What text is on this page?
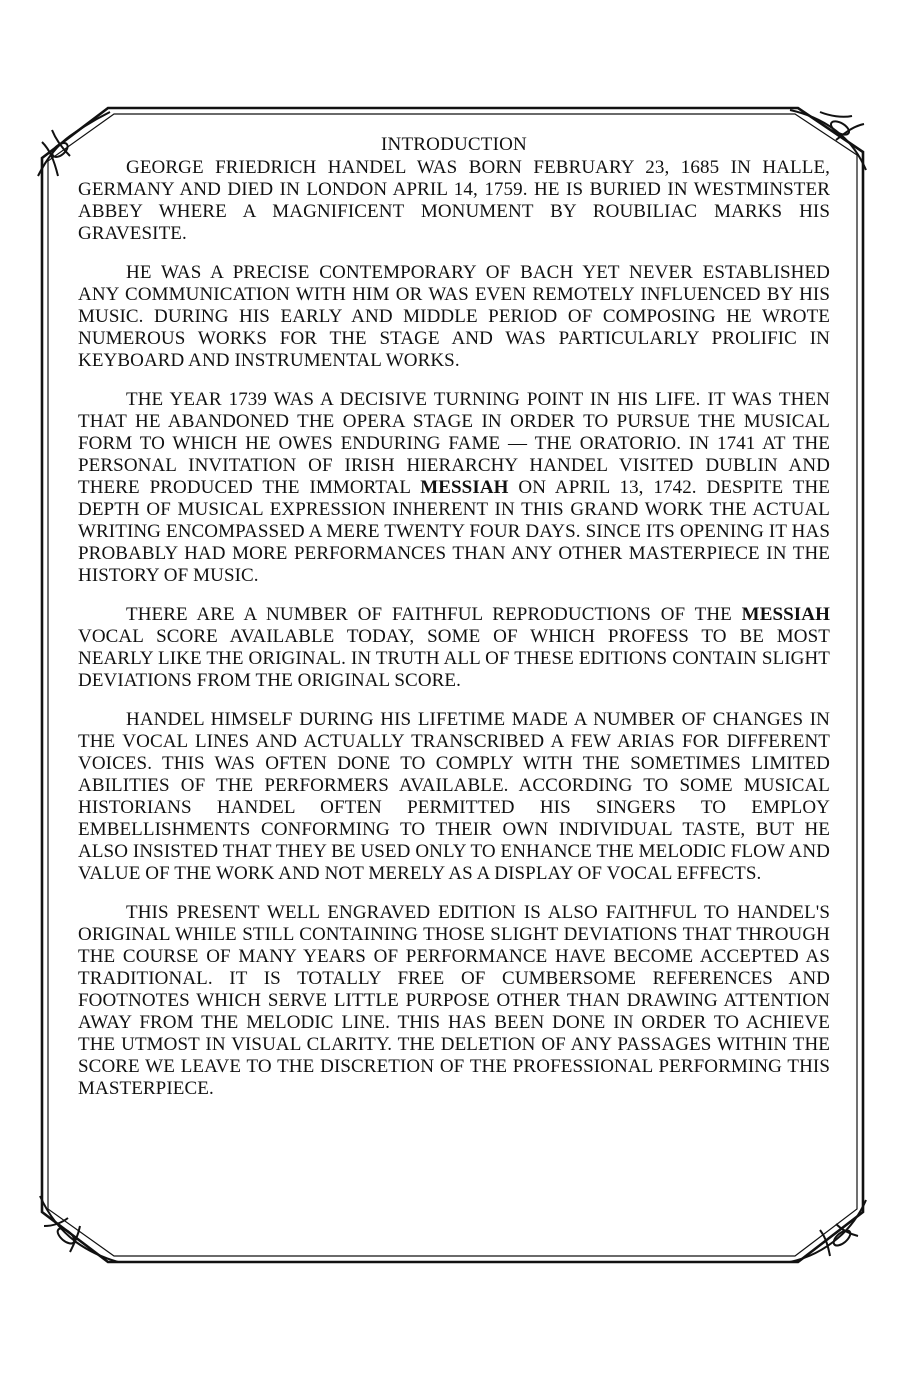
INTRODUCTION

GEORGE FRIEDRICH HANDEL WAS BORN FEBRUARY 23, 1685 IN HALLE, GERMANY AND DIED IN LONDON APRIL 14, 1759. HE IS BURIED IN WESTMINSTER ABBEY WHERE A MAGNIFICENT MONUMENT BY ROUBILIAC MARKS HIS GRAVESITE.

HE WAS A PRECISE CONTEMPORARY OF BACH YET NEVER ESTABLISHED ANY COMMUNICATION WITH HIM OR WAS EVEN REMOTELY INFLUENCED BY HIS MUSIC. DURING HIS EARLY AND MIDDLE PERIOD OF COMPOSING HE WROTE NUMEROUS WORKS FOR THE STAGE AND WAS PARTICULARLY PROLIFIC IN KEYBOARD AND INSTRUMENTAL WORKS.

THE YEAR 1739 WAS A DECISIVE TURNING POINT IN HIS LIFE. IT WAS THEN THAT HE ABANDONED THE OPERA STAGE IN ORDER TO PURSUE THE MUSICAL FORM TO WHICH HE OWES ENDURING FAME — THE ORATORIO. IN 1741 AT THE PERSONAL INVITATION OF IRISH HIERARCHY HANDEL VISITED DUBLIN AND THERE PRODUCED THE IMMORTAL MESSIAH ON APRIL 13, 1742. DESPITE THE DEPTH OF MUSICAL EXPRESSION INHERENT IN THIS GRAND WORK THE ACTUAL WRITING ENCOMPASSED A MERE TWENTY FOUR DAYS. SINCE ITS OPENING IT HAS PROBABLY HAD MORE PERFORMANCES THAN ANY OTHER MASTERPIECE IN THE HISTORY OF MUSIC.

THERE ARE A NUMBER OF FAITHFUL REPRODUCTIONS OF THE MESSIAH VOCAL SCORE AVAILABLE TODAY, SOME OF WHICH PROFESS TO BE MOST NEARLY LIKE THE ORIGINAL. IN TRUTH ALL OF THESE EDITIONS CONTAIN SLIGHT DEVIATIONS FROM THE ORIGINAL SCORE.

HANDEL HIMSELF DURING HIS LIFETIME MADE A NUMBER OF CHANGES IN THE VOCAL LINES AND ACTUALLY TRANSCRIBED A FEW ARIAS FOR DIFFERENT VOICES. THIS WAS OFTEN DONE TO COMPLY WITH THE SOMETIMES LIMITED ABILITIES OF THE PERFORMERS AVAILABLE. ACCORDING TO SOME MUSICAL HISTORIANS HANDEL OFTEN PERMITTED HIS SINGERS TO EMPLOY EMBELLISHMENTS CONFORMING TO THEIR OWN INDIVIDUAL TASTE, BUT HE ALSO INSISTED THAT THEY BE USED ONLY TO ENHANCE THE MELODIC FLOW AND VALUE OF THE WORK AND NOT MERELY AS A DISPLAY OF VOCAL EFFECTS.

THIS PRESENT WELL ENGRAVED EDITION IS ALSO FAITHFUL TO HANDEL'S ORIGINAL WHILE STILL CONTAINING THOSE SLIGHT DEVIATIONS THAT THROUGH THE COURSE OF MANY YEARS OF PERFORMANCE HAVE BECOME ACCEPTED AS TRADITIONAL. IT IS TOTALLY FREE OF CUMBERSOME REFERENCES AND FOOTNOTES WHICH SERVE LITTLE PURPOSE OTHER THAN DRAWING ATTENTION AWAY FROM THE MELODIC LINE. THIS HAS BEEN DONE IN ORDER TO ACHIEVE THE UTMOST IN VISUAL CLARITY. THE DELETION OF ANY PASSAGES WITHIN THE SCORE WE LEAVE TO THE DISCRETION OF THE PROFESSIONAL PERFORMING THIS MASTERPIECE.
